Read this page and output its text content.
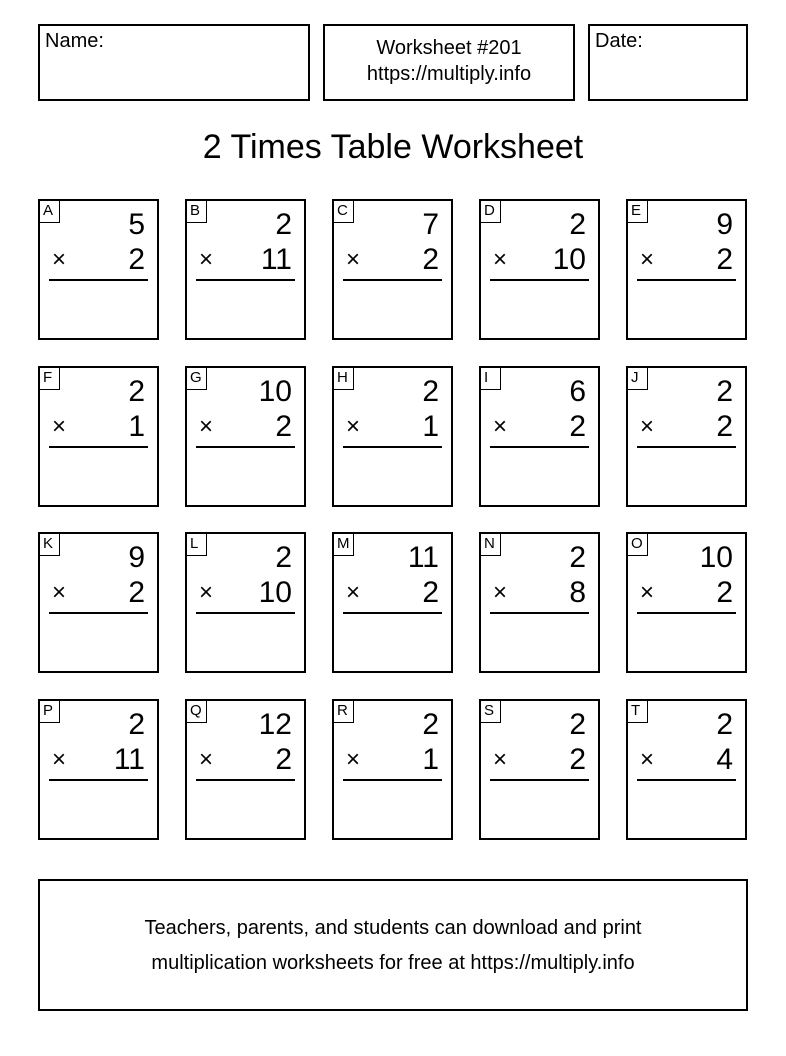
Name:	Worksheet #201
https://multiply.info
Date:
2 Times Table Worksheet
A	5
× 2
B	2
× 11
C 7
× 2
D 2
× 10
E	9
× 2
F	2
× 1
G 10
× 2
H 2
× 1
I	6
× 2
J	2
× 2
K	9
× 2
L	2
× 10
M 11
× 2
N 2
× 8
O 10
× 2
P	2
× 11
Q 12
× 2
R 2
× 1
S	2
× 2
T	2
× 4
Teachers, parents, and students can download and print
multiplication worksheets for free at https://multiply.info
